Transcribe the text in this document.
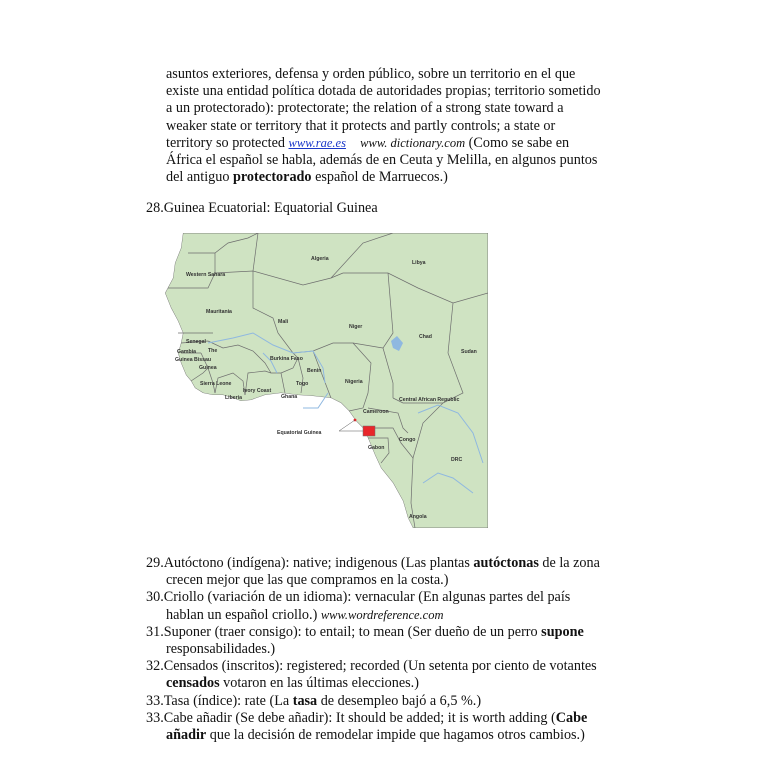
asuntos exteriores, defensa y orden público, sobre un territorio en el que
existe una entidad política dotada de autoridades propias; territorio sometido
a un protectorado): protectorate; the relation of a strong state toward a
weaker state or territory that it protects and partly controls; a state or
territory so protected www.rae.es www. dictionary.com (Como se sabe en
África el español se habla, además de en Ceuta y Melilla, en algunos puntos
del antiguo protectorado español de Marruecos.)
28.Guinea Ecuatorial: Equatorial Guinea
Algeria
Libya
Western Sahara
Mauritania
Mali
Niger
Chad
Sudan
Senegal
Gambia The
Guinea Bissau
Guinea
Burkina Faso
Benin
Sierra Leone
Ivory Coast
Liberia
Togo
Ghana
Nigeria
Cameroon
Central African Republic
Equatorial Guinea
Congo
Gabon
DRC
Angola
29.Autóctono (indígena): native; indigenous (Las plantas autóctonas de la zona
crecen mejor que las que compramos en la costa.)
30.Criollo (variación de un idioma): vernacular (En algunas partes del país
hablan un español criollo.) www.wordreference.com
31.Suponer (traer consigo): to entail; to mean (Ser dueño de un perro supone
responsabilidades.)
32.Censados (inscritos): registered; recorded (Un setenta por ciento de votantes
censados votaron en las últimas elecciones.)
33.Tasa (índice): rate (La tasa de desempleo bajó a 6,5 %.)
33.Cabe añadir (Se debe añadir): It should be added; it is worth adding (Cabe
añadir que la decisión de remodelar impide que hagamos otros cambios.)
